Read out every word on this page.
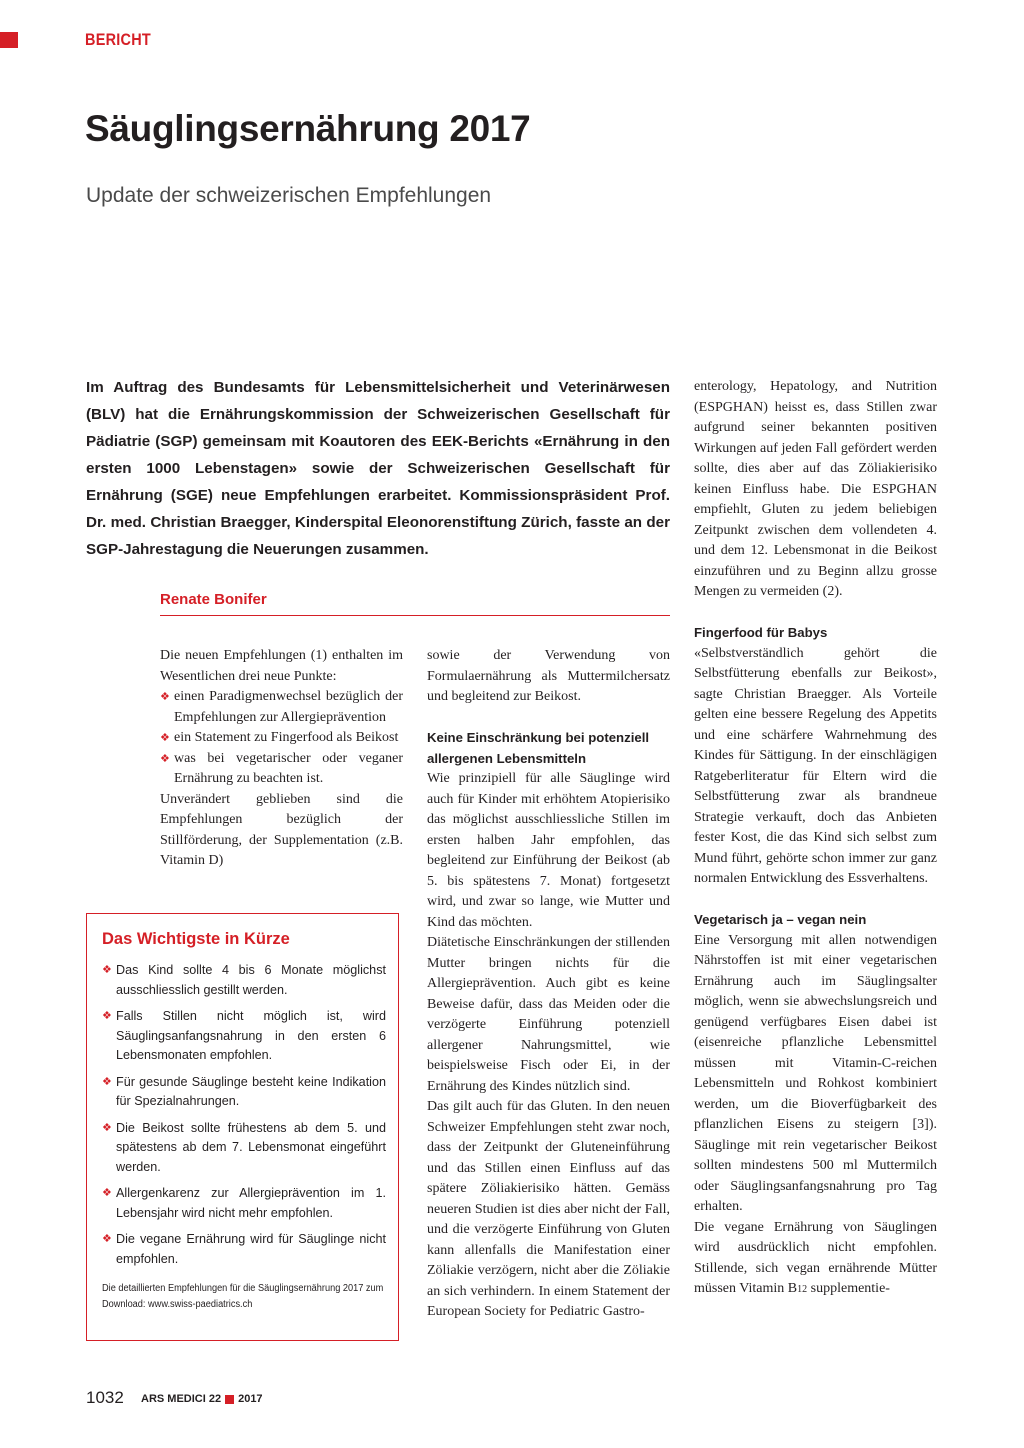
BERICHT
Säuglingsernährung 2017
Update der schweizerischen Empfehlungen

Im Auftrag des Bundesamts für Lebensmittelsicherheit und Veterinärwesen (BLV) hat die Ernährungskommission der Schweizerischen Gesellschaft für Pädiatrie (SGP) gemeinsam mit Koautoren des EEK-Berichts «Ernährung in den ersten 1000 Lebenstagen» sowie der Schweizerischen Gesellschaft für Ernährung (SGE) neue Empfehlungen erarbeitet. Kommissionspräsident Prof. Dr. med. Christian Braegger, Kinderspital Eleonorenstiftung Zürich, fasste an der SGP-Jahrestagung die Neuerungen zusammen.

Renate Bonifer

Die neuen Empfehlungen (1) enthalten im Wesentlichen drei neue Punkte:

❖ einen Paradigmenwechsel bezüglich der Empfehlungen zur Allergieprävention
❖ ein Statement zu Fingerfood als Beikost
❖ was bei vegetarischer oder veganer Ernährung zu beachten ist.

Unverändert geblieben sind die Empfehlungen bezüglich der Stillförderung, der Supplementation (z.B. Vitamin D)

Das Wichtigste in Kürze
❖ Das Kind sollte 4 bis 6 Monate möglichst ausschliesslich gestillt werden.
❖ Falls Stillen nicht möglich ist, wird Säuglingsanfangsnahrung in den ersten 6 Lebensmonaten empfohlen.
❖ Für gesunde Säuglinge besteht keine Indikation für Spezialnahrungen.
❖ Die Beikost sollte frühestens ab dem 5. und spätestens ab dem 7. Lebensmonat eingeführt werden.
❖ Allergenkarenz zur Allergieprävention im 1. Lebensjahr wird nicht mehr empfohlen.
❖ Die vegane Ernährung wird für Säuglinge nicht empfohlen.
Die detaillierten Empfehlungen für die Säuglingsernährung 2017 zum Download: www.swiss-paediatrics.ch

sowie der Verwendung von Formulaernährung als Muttermilchersatz und begleitend zur Beikost.

Keine Einschränkung bei potenziell allergenen Lebensmitteln

Wie prinzipiell für alle Säuglinge wird auch für Kinder mit erhöhtem Atopierisiko das möglichst ausschliessliche Stillen im ersten halben Jahr empfohlen, das begleitend zur Einführung der Beikost (ab 5. bis spätestens 7. Monat) fortgesetzt wird, und zwar so lange, wie Mutter und Kind das möchten.

Diätetische Einschränkungen der stillenden Mutter bringen nichts für die Allergieprävention. Auch gibt es keine Beweise dafür, dass das Meiden oder die verzögerte Einführung potenziell allergener Nahrungsmittel, wie beispielsweise Fisch oder Ei, in der Ernährung des Kindes nützlich sind.

Das gilt auch für das Gluten. In den neuen Schweizer Empfehlungen steht zwar noch, dass der Zeitpunkt der Gluteneinführung und das Stillen einen Einfluss auf das spätere Zöliakierisiko hätten. Gemäss neueren Studien ist dies aber nicht der Fall, und die verzögerte Einführung von Gluten kann allenfalls die Manifestation einer Zöliakie verzögern, nicht aber die Zöliakie an sich verhindern. In einem Statement der European Society for Pediatric Gastro-

enterology, Hepatology, and Nutrition (ESPGHAN) heisst es, dass Stillen zwar aufgrund seiner bekannten positiven Wirkungen auf jeden Fall gefördert werden sollte, dies aber auf das Zöliakierisiko keinen Einfluss habe. Die ESPGHAN empfiehlt, Gluten zu jedem beliebigen Zeitpunkt zwischen dem vollendeten 4. und dem 12. Lebensmonat in die Beikost einzuführen und zu Beginn allzu grosse Mengen zu vermeiden (2).

Fingerfood für Babys

«Selbstverständlich gehört die Selbstfütterung ebenfalls zur Beikost», sagte Christian Braegger. Als Vorteile gelten eine bessere Regelung des Appetits und eine schärfere Wahrnehmung des Kindes für Sättigung. In der einschlägigen Ratgeberliteratur für Eltern wird die Selbstfütterung zwar als brandneue Strategie verkauft, doch das Anbieten fester Kost, die das Kind sich selbst zum Mund führt, gehörte schon immer zur ganz normalen Entwicklung des Essverhaltens.

Vegetarisch ja – vegan nein

Eine Versorgung mit allen notwendigen Nährstoffen ist mit einer vegetarischen Ernährung auch im Säuglingsalter möglich, wenn sie abwechslungsreich und genügend verfügbares Eisen dabei ist (eisenreiche pflanzliche Lebensmittel müssen mit Vitamin-C-reichen Lebensmitteln und Rohkost kombiniert werden, um die Bioverfügbarkeit des pflanzlichen Eisens zu steigern [3]). Säuglinge mit rein vegetarischer Beikost sollten mindestens 500 ml Muttermilch oder Säuglingsanfangsnahrung pro Tag erhalten.

Die vegane Ernährung von Säuglingen wird ausdrücklich nicht empfohlen. Stillende, sich vegan ernährende Mütter müssen Vitamin B12 supplementie-

1032 ARS MEDICI 22 2017
